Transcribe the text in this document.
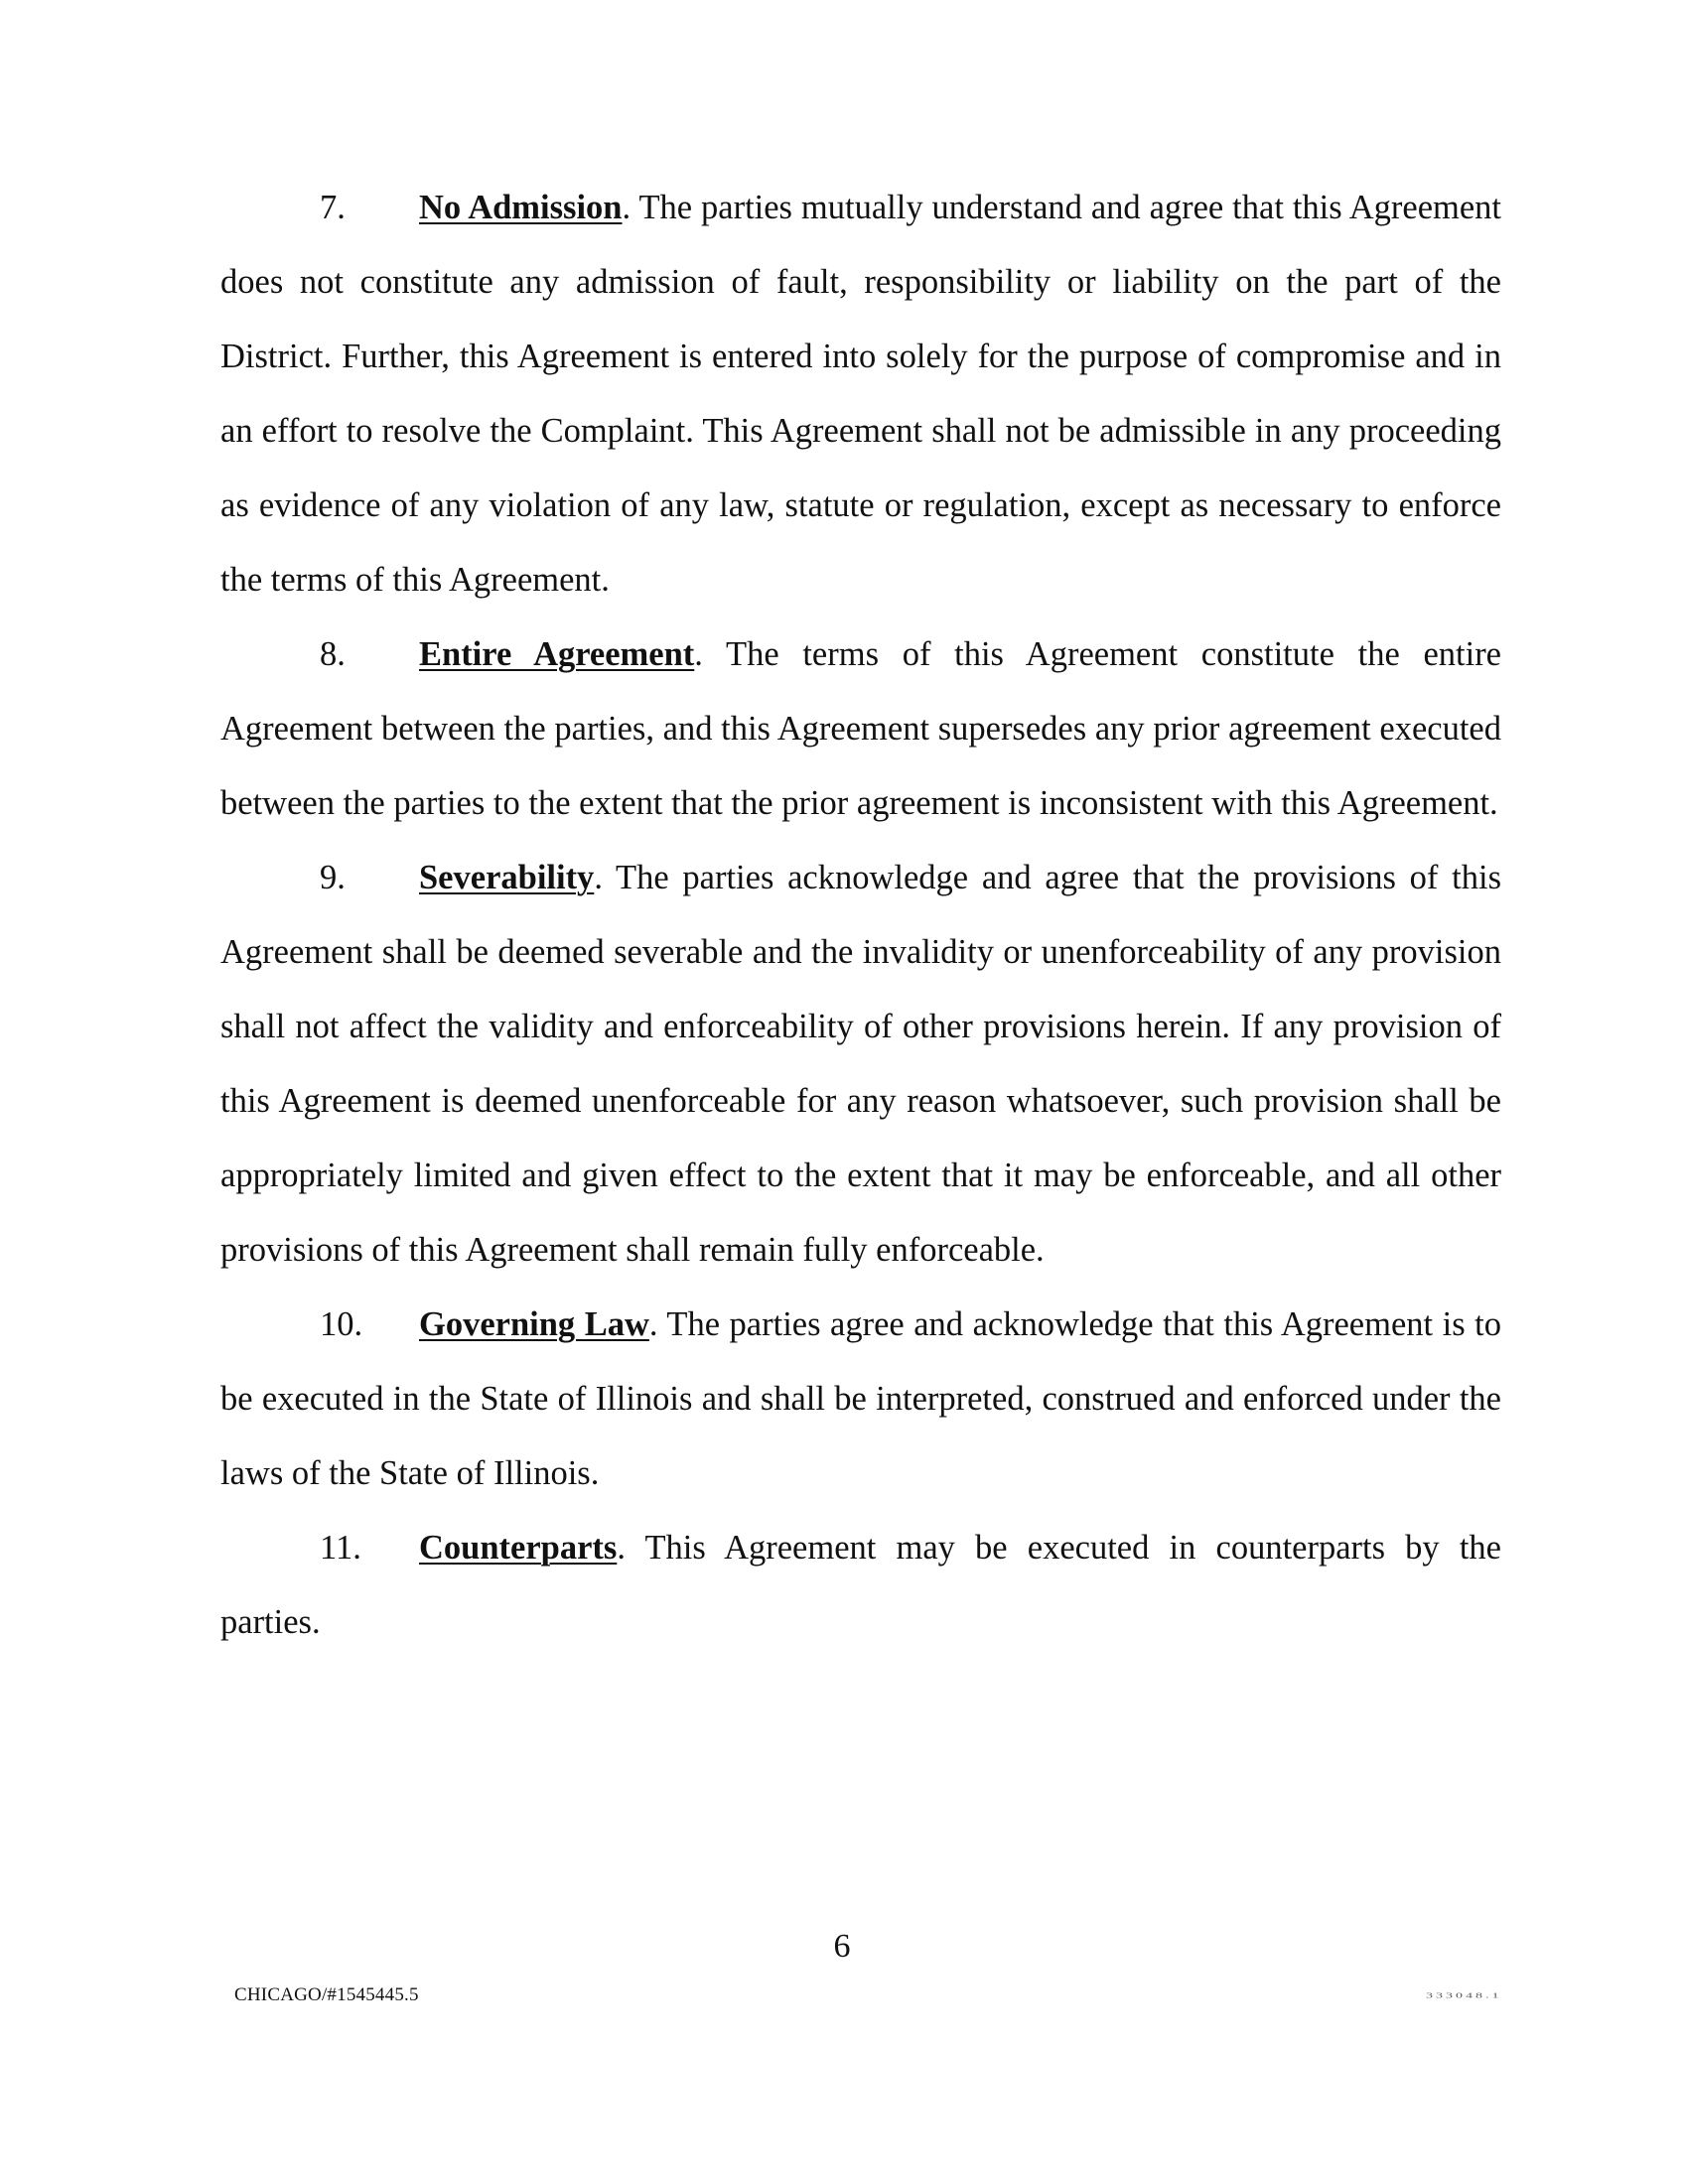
7. No Admission. The parties mutually understand and agree that this Agreement does not constitute any admission of fault, responsibility or liability on the part of the District. Further, this Agreement is entered into solely for the purpose of compromise and in an effort to resolve the Complaint. This Agreement shall not be admissible in any proceeding as evidence of any violation of any law, statute or regulation, except as necessary to enforce the terms of this Agreement.

8. Entire Agreement. The terms of this Agreement constitute the entire Agreement between the parties, and this Agreement supersedes any prior agreement executed between the parties to the extent that the prior agreement is inconsistent with this Agreement.

9. Severability. The parties acknowledge and agree that the provisions of this Agreement shall be deemed severable and the invalidity or unenforceability of any provision shall not affect the validity and enforceability of other provisions herein. If any provision of this Agreement is deemed unenforceable for any reason whatsoever, such provision shall be appropriately limited and given effect to the extent that it may be enforceable, and all other provisions of this Agreement shall remain fully enforceable.

10. Governing Law. The parties agree and acknowledge that this Agreement is to be executed in the State of Illinois and shall be interpreted, construed and enforced under the laws of the State of Illinois.

11. Counterparts. This Agreement may be executed in counterparts by the parties.

6
CHICAGO/#1545445.5	333048.1
